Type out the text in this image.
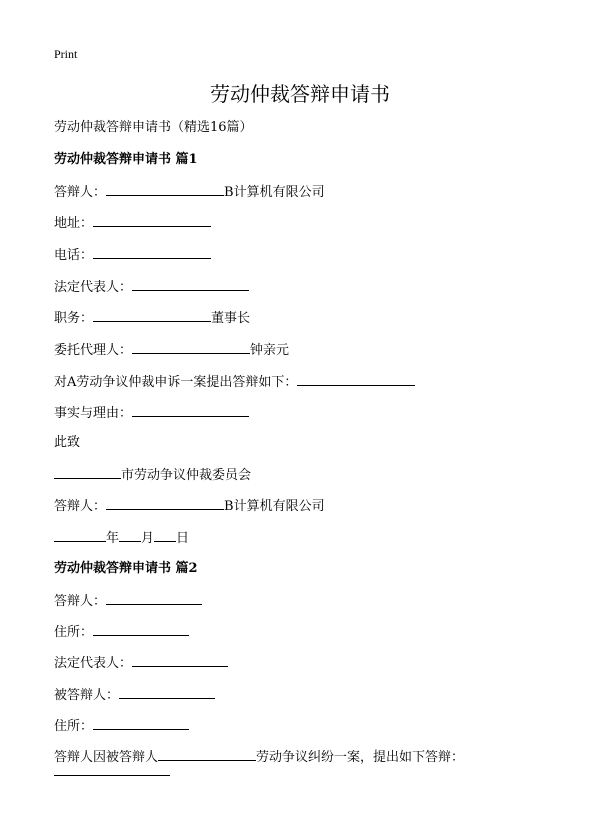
Print
劳动仲裁答辩申请书
劳动仲裁答辩申请书（精选16篇）
劳动仲裁答辩申请书 篇1
答辩人：	B计算机有限公司
地址：
电话：
法定代表人：
职务：	董事长
委托代理人：	钟亲元
对A劳动争议仲裁申诉一案提出答辩如下：
事实与理由：
此致
市劳动争议仲裁委员会
答辩人：	B计算机有限公司
年 月 日
劳动仲裁答辩申请书 篇2
答辩人：
住所：
法定代表人：
被答辩人：
住所：
答辩人因被答辩人	劳动争议纠纷一案，提出如下答辩：
